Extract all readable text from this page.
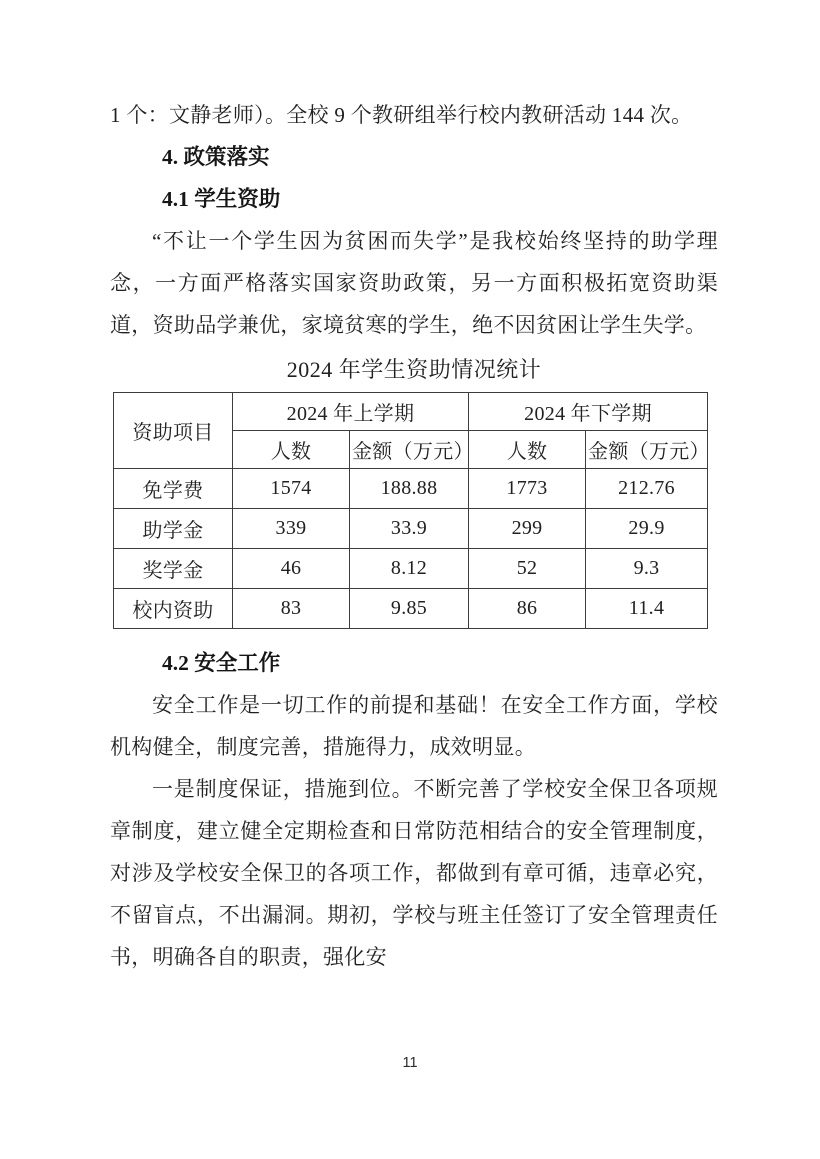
1 个：文静老师）。全校 9 个教研组举行校内教研活动 144 次。

4. 政策落实
4.1 学生资助

“不让一个学生因为贫困而失学”是我校始终坚持的助学理念，一方面严格落实国家资助政策，另一方面积极拓宽资助渠道，资助品学兼优，家境贫寒的学生，绝不因贫困让学生失学。

2024 年学生资助情况统计

资助项目	2024 年上学期		2024 年下学期	
	人数	金额（万元）	人数	金额（万元）
免学费	1574	188.88	1773	212.76
助学金	339	33.9	299	29.9
奖学金	46	8.12	52	9.3
校内资助	83	9.85	86	11.4
4.2 安全工作

安全工作是一切工作的前提和基础！在安全工作方面，学校机构健全，制度完善，措施得力，成效明显。

一是制度保证，措施到位。不断完善了学校安全保卫各项规章制度，建立健全定期检查和日常防范相结合的安全管理制度，对涉及学校安全保卫的各项工作，都做到有章可循，违章必究，不留盲点，不出漏洞。期初，学校与班主任签订了安全管理责任书，明确各自的职责，强化安

11
